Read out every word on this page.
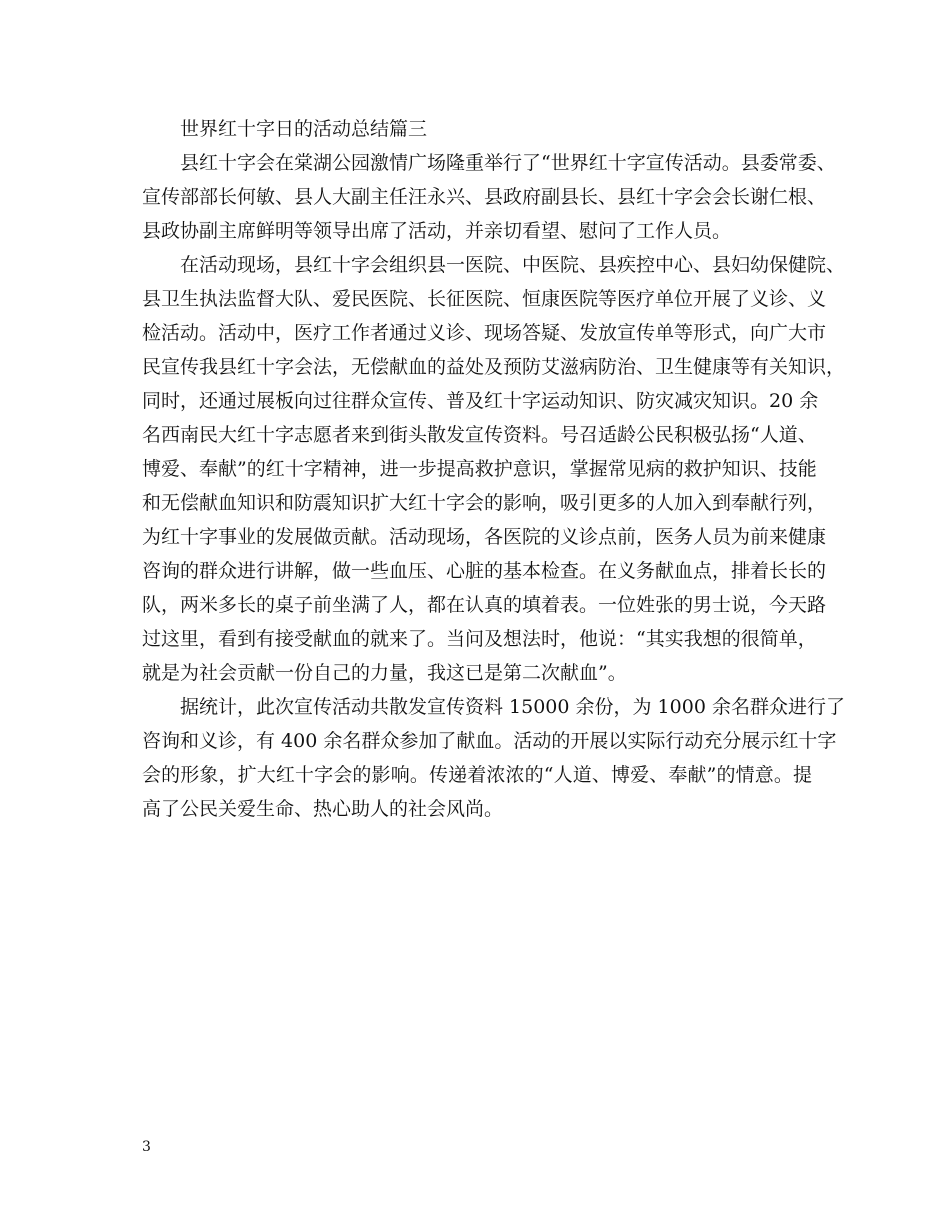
世界红十字日的活动总结篇三
县红十字会在棠湖公园激情广场隆重举行了“世界红十字宣传活动。县委常委、
宣传部部长何敏、县人大副主任汪永兴、县政府副县长、县红十字会会长谢仁根、
县政协副主席鲜明等领导出席了活动，并亲切看望、慰问了工作人员。
在活动现场，县红十字会组织县一医院、中医院、县疾控中心、县妇幼保健院、
县卫生执法监督大队、爱民医院、长征医院、恒康医院等医疗单位开展了义诊、义
检活动。活动中，医疗工作者通过义诊、现场答疑、发放宣传单等形式，向广大市
民宣传我县红十字会法，无偿献血的益处及预防艾滋病防治、卫生健康等有关知识，
同时，还通过展板向过往群众宣传、普及红十字运动知识、防灾减灾知识。20 余
名西南民大红十字志愿者来到街头散发宣传资料。号召适龄公民积极弘扬“人道、
博爱、奉献”的红十字精神，进一步提高救护意识，掌握常见病的救护知识、技能
和无偿献血知识和防震知识扩大红十字会的影响，吸引更多的人加入到奉献行列，
为红十字事业的发展做贡献。活动现场，各医院的义诊点前，医务人员为前来健康
咨询的群众进行讲解，做一些血压、心脏的基本检查。在义务献血点，排着长长的
队，两米多长的桌子前坐满了人，都在认真的填着表。一位姓张的男士说，今天路
过这里，看到有接受献血的就来了。当问及想法时，他说：“其实我想的很简单，
就是为社会贡献一份自己的力量，我这已是第二次献血”。
据统计，此次宣传活动共散发宣传资料 15000 余份，为 1000 余名群众进行了
咨询和义诊，有 400 余名群众参加了献血。活动的开展以实际行动充分展示红十字
会的形象，扩大红十字会的影响。传递着浓浓的“人道、博爱、奉献”的情意。提
高了公民关爱生命、热心助人的社会风尚。
3
